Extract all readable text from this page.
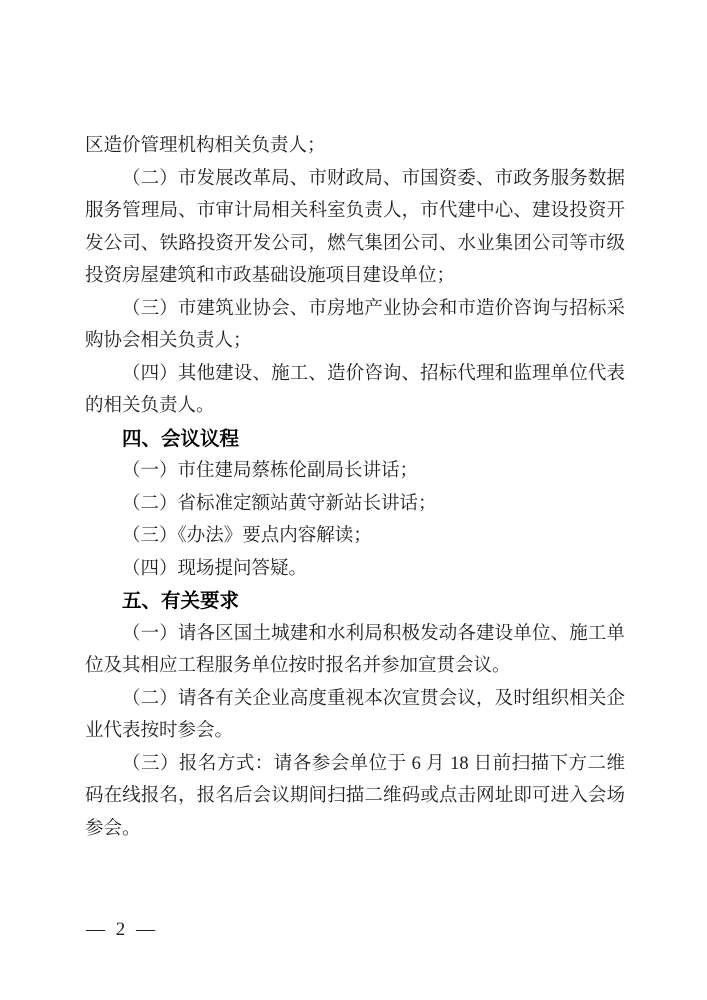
区造价管理机构相关负责人；

（二）市发展改革局、市财政局、市国资委、市政务服务数据服务管理局、市审计局相关科室负责人，市代建中心、建设投资开发公司、铁路投资开发公司，燃气集团公司、水业集团公司等市级投资房屋建筑和市政基础设施项目建设单位；

（三）市建筑业协会、市房地产业协会和市造价咨询与招标采购协会相关负责人；

（四）其他建设、施工、造价咨询、招标代理和监理单位代表的相关负责人。

四、会议议程

（一）市住建局蔡栋伦副局长讲话；

（二）省标准定额站黄守新站长讲话；

（三）《办法》要点内容解读；

（四）现场提问答疑。

五、有关要求

（一）请各区国土城建和水利局积极发动各建设单位、施工单位及其相应工程服务单位按时报名并参加宣贯会议。

（二）请各有关企业高度重视本次宣贯会议，及时组织相关企业代表按时参会。

（三）报名方式：请各参会单位于 6 月 18 日前扫描下方二维码在线报名，报名后会议期间扫描二维码或点击网址即可进入会场参会。

— 2 —
